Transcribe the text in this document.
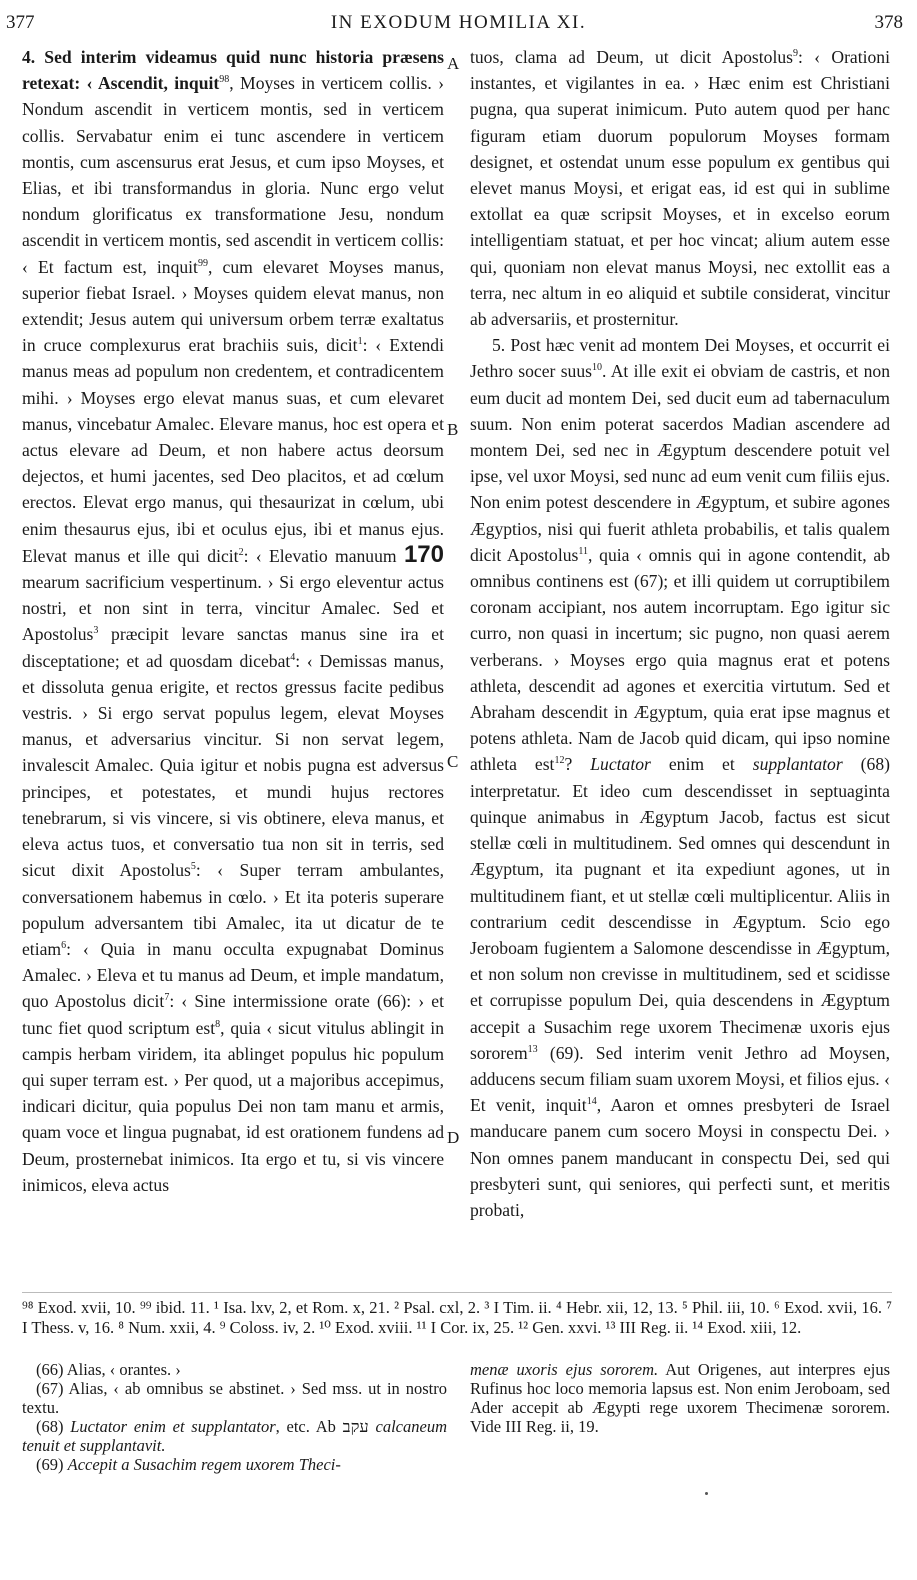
377	IN EXODUM HOMILIA XI.	378

4. Sed interim videamus quid nunc historia præsens retexat: ‹ Ascendit, inquit$^{98}$, Moyses in verticem collis. › Nondum ascendit in verticem montis, sed in verticem collis. Servabatur enim ei tunc ascendere in verticem montis, cum ascensurus erat Jesus, et cum ipso Moyses, et Elias, et ibi transformandus in gloria. Nunc ergo velut nondum glorificatus ex transformatione Jesu, nondum ascendit in verticem montis, sed ascendit in verticem collis: ‹ Et factum est, inquit$^{99}$, cum elevaret Moyses manus, superior fiebat Israel. › Moyses quidem elevat manus, non extendit; Jesus autem qui universum orbem terræ exaltatus in cruce complexurus erat brachiis suis, dicit$^1$: ‹ Extendi manus meas ad populum non credentem, et contradicentem mihi. › Moyses ergo elevat manus suas, et cum elevaret manus, vincebatur Amalec. Elevare manus, hoc est opera et actus elevare ad Deum, et non habere actus deorsum dejectos, et humi jacentes, sed Deo placitos, et ad cœlum erectos. Elevat ergo manus, qui thesaurizat in cœlum, ubi enim thesaurus ejus, ibi et oculus ejus, ibi et manus ejus. Elevat manus et ille qui dicit$^2$: ‹ Elevatio manuum 170 mearum sacrificium vespertinum. › Si ergo eleventur actus nostri, et non sint in terra, vincitur Amalec. Sed et Apostolus$^3$ præcipit levare sanctas manus sine ira et disceptatione; et ad quosdam dicebat$^4$: ‹ Demissas manus, et dissoluta genua erigite, et rectos gressus facite pedibus vestris. › Si ergo servat populus legem, elevat Moyses manus, et adversarius vincitur. Si non servat legem, invalescit Amalec. Quia igitur et nobis pugna est adversus principes, et potestates, et mundi hujus rectores tenebrarum, si vis vincere, si vis obtinere, eleva manus, et eleva actus tuos, et conversatio tua non sit in terris, sed sicut dixit Apostolus$^5$: ‹ Super terram ambulantes, conversationem habemus in cœlo. › Et ita poteris superare populum adversantem tibi Amalec, ita ut dicatur de te etiam$^6$: ‹ Quia in manu occulta expugnabat Dominus Amalec. › Eleva et tu manus ad Deum, et imple mandatum, quo Apostolus dicit$^7$: ‹ Sine intermissione orate (66): › et tunc fiet quod scriptum est$^8$, quia ‹ sicut vitulus ablingit in campis herbam viridem, ita ablinget populus hic populum qui super terram est. › Per quod, ut a majoribus accepimus, indicari dicitur, quia populus Dei non tam manu et armis, quam voce et lingua pugnabat, id est orationem fundens ad Deum, prosternebat inimicos. Ita ergo et tu, si vis vincere inimicos, eleva actus

A
B
C
D

tuos, clama ad Deum, ut dicit Apostolus$^9$: ‹ Orationi instantes, et vigilantes in ea. › Hæc enim est Christiani pugna, qua superat inimicum. Puto autem quod per hanc figuram etiam duorum populorum Moyses formam designet, et ostendat unum esse populum ex gentibus qui elevet manus Moysi, et erigat eas, id est qui in sublime extollat ea quæ scripsit Moyses, et in excelso eorum intelligentiam statuat, et per hoc vincat; alium autem esse qui, quoniam non elevat manus Moysi, nec extollit eas a terra, nec altum in eo aliquid et subtile considerat, vincitur ab adversariis, et prosternitur.

5. Post hæc venit ad montem Dei Moyses, et occurrit ei Jethro socer suus$^{10}$. At ille exit ei obviam de castris, et non eum ducit ad montem Dei, sed ducit eum ad tabernaculum suum. Non enim poterat sacerdos Madian ascendere ad montem Dei, sed nec in Ægyptum descendere potuit vel ipse, vel uxor Moysi, sed nunc ad eum venit cum filiis ejus. Non enim potest descendere in Ægyptum, et subire agones Ægyptios, nisi qui fuerit athleta probabilis, et talis qualem dicit Apostolus$^{11}$, quia ‹ omnis qui in agone contendit, ab omnibus continens est (67); et illi quidem ut corruptibilem coronam accipiant, nos autem incorruptam. Ego igitur sic curro, non quasi in incertum; sic pugno, non quasi aerem verberans. › Moyses ergo quia magnus erat et potens athleta, descendit ad agones et exercitia virtutum. Sed et Abraham descendit in Ægyptum, quia erat ipse magnus et potens athleta. Nam de Jacob quid dicam, qui ipso nomine athleta est$^{12}$? Luctator enim et supplantator (68) interpretatur. Et ideo cum descendisset in septuaginta quinque animabus in Ægyptum Jacob, factus est sicut stellæ cœli in multitudinem. Sed omnes qui descendunt in Ægyptum, ita pugnant et ita expediunt agones, ut in multitudinem fiant, et ut stellæ cœli multiplicentur. Aliis in contrarium cedit descendisse in Ægyptum. Scio ego Jeroboam fugientem a Salomone descendisse in Ægyptum, et non solum non crevisse in multitudinem, sed et scidisse et corrupisse populum Dei, quia descendens in Ægyptum accepit a Susachim rege uxorem Thecimenæ uxoris ejus sororem$^{13}$ (69). Sed interim venit Jethro ad Moysen, adducens secum filiam suam uxorem Moysi, et filios ejus. ‹ Et venit, inquit$^{14}$, Aaron et omnes presbyteri de Israel manducare panem cum socero Moysi in conspectu Dei. › Non omnes panem manducant in conspectu Dei, sed qui presbyteri sunt, qui seniores, qui perfecti sunt, et meritis probati,

⁹⁸ Exod. xvii, 10. ⁹⁹ ibid. 11. ¹ Isa. lxv, 2, et Rom. x, 21. ² Psal. cxl, 2. ³ I Tim. ii. ⁴ Hebr. xii, 12, 13. ⁵ Phil. iii, 10. ⁶ Exod. xvii, 16. ⁷ I Thess. v, 16. ⁸ Num. xxii, 4. ⁹ Coloss. iv, 2. ¹⁰ Exod. xviii. ¹¹ I Cor. ix, 25. ¹² Gen. xxvi. ¹³ III Reg. ii. ¹⁴ Exod. xiii, 12.

(66) Alias, ‹ orantes. ›

(67) Alias, ‹ ab omnibus se abstinet. › Sed mss. ut in nostro textu.

(68) Luctator enim et supplantator, etc. Ab עקב calcaneum tenuit et supplantavit.

(69) Accepit a Susachim regem uxorem Theci-

menæ uxoris ejus sororem. Aut Origenes, aut interpres ejus Rufinus hoc loco memoria lapsus est. Non enim Jeroboam, sed Ader accepit ab Ægypti rege uxorem Thecimenæ sororem. Vide III Reg. ii, 19.
